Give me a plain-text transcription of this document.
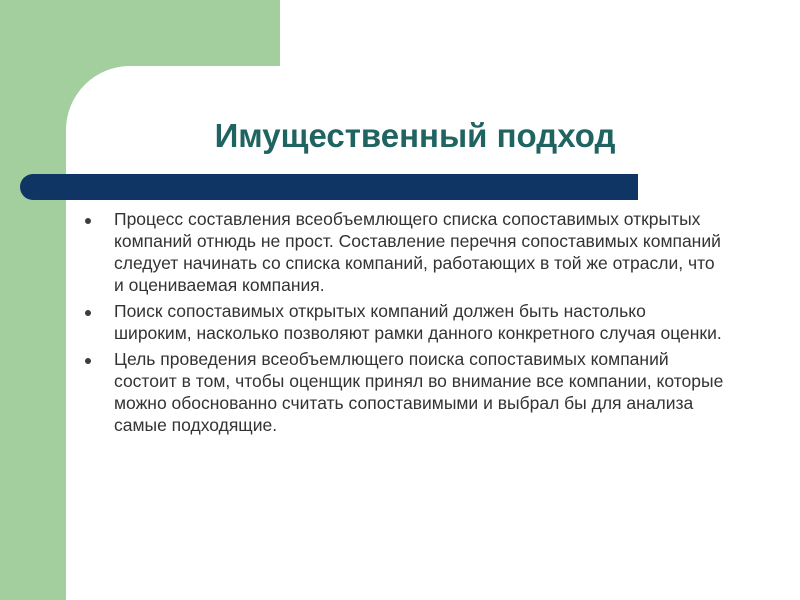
Имущественный подход
Процесс составления всеобъемлющего списка сопоставимых открытых компаний отнюдь не прост. Составление перечня сопоставимых компаний следует начинать со списка компаний, работающих в той же отрасли, что и оцениваемая компания.
Поиск сопоставимых открытых компаний должен быть настолько широким, насколько позволяют рамки данного конкретного случая оценки.
Цель проведения всеобъемлющего поиска сопоставимых компаний состоит в том, чтобы оценщик принял во внимание все компании, которые можно обоснованно считать сопоставимыми и выбрал бы для анализа самые подходящие.
